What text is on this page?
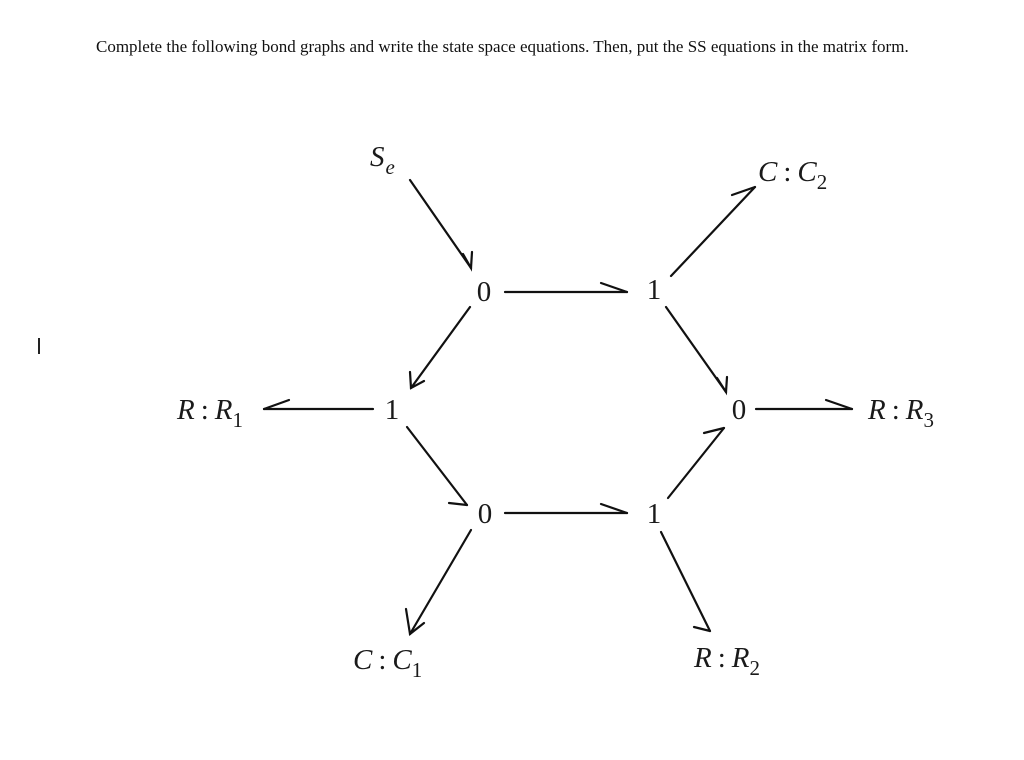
Complete the following bond graphs and write the state space equations. Then, put the SS equations in the matrix form.

0	1
1	0
0	1
$S_e$	C : $C_2$
R : $R_1$	R : $R_3$
C : $C_1$	R : $R_2$
